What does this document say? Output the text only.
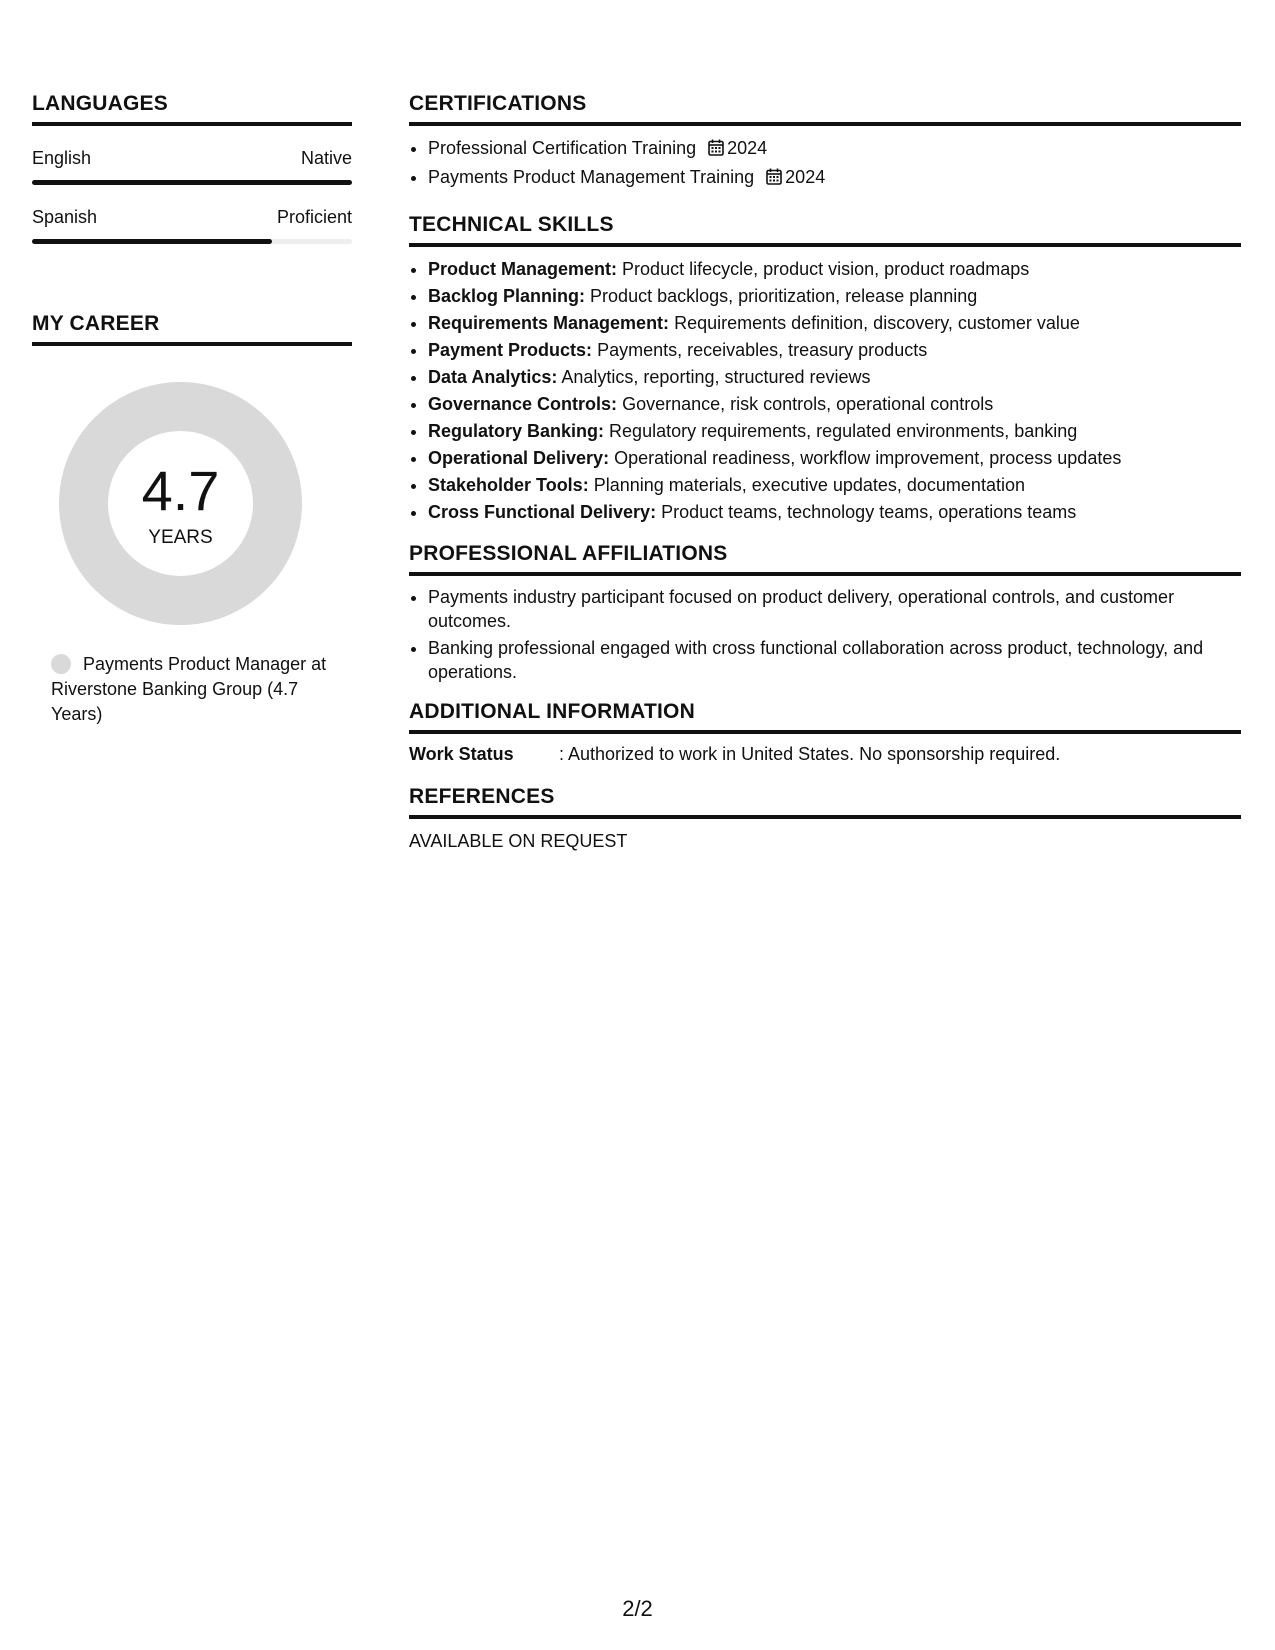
LANGUAGES
English	Native
Spanish	Proficient
MY CAREER
4.7
YEARS
Payments Product Manager at Riverstone Banking Group (4.7 Years)
CERTIFICATIONS
• Professional Certification Training 2024
• Payments Product Management Training 2024
TECHNICAL SKILLS
• Product Management: Product lifecycle, product vision, product roadmaps
• Backlog Planning: Product backlogs, prioritization, release planning
• Requirements Management: Requirements definition, discovery, customer value
• Payment Products: Payments, receivables, treasury products
• Data Analytics: Analytics, reporting, structured reviews
• Governance Controls: Governance, risk controls, operational controls
• Regulatory Banking: Regulatory requirements, regulated environments, banking
• Operational Delivery: Operational readiness, workflow improvement, process updates
• Stakeholder Tools: Planning materials, executive updates, documentation
• Cross Functional Delivery: Product teams, technology teams, operations teams
PROFESSIONAL AFFILIATIONS
• Payments industry participant focused on product delivery, operational controls, and customer outcomes.
• Banking professional engaged with cross functional collaboration across product, technology, and operations.
ADDITIONAL INFORMATION
Work Status	: Authorized to work in United States. No sponsorship required.
REFERENCES
AVAILABLE ON REQUEST
2/2
